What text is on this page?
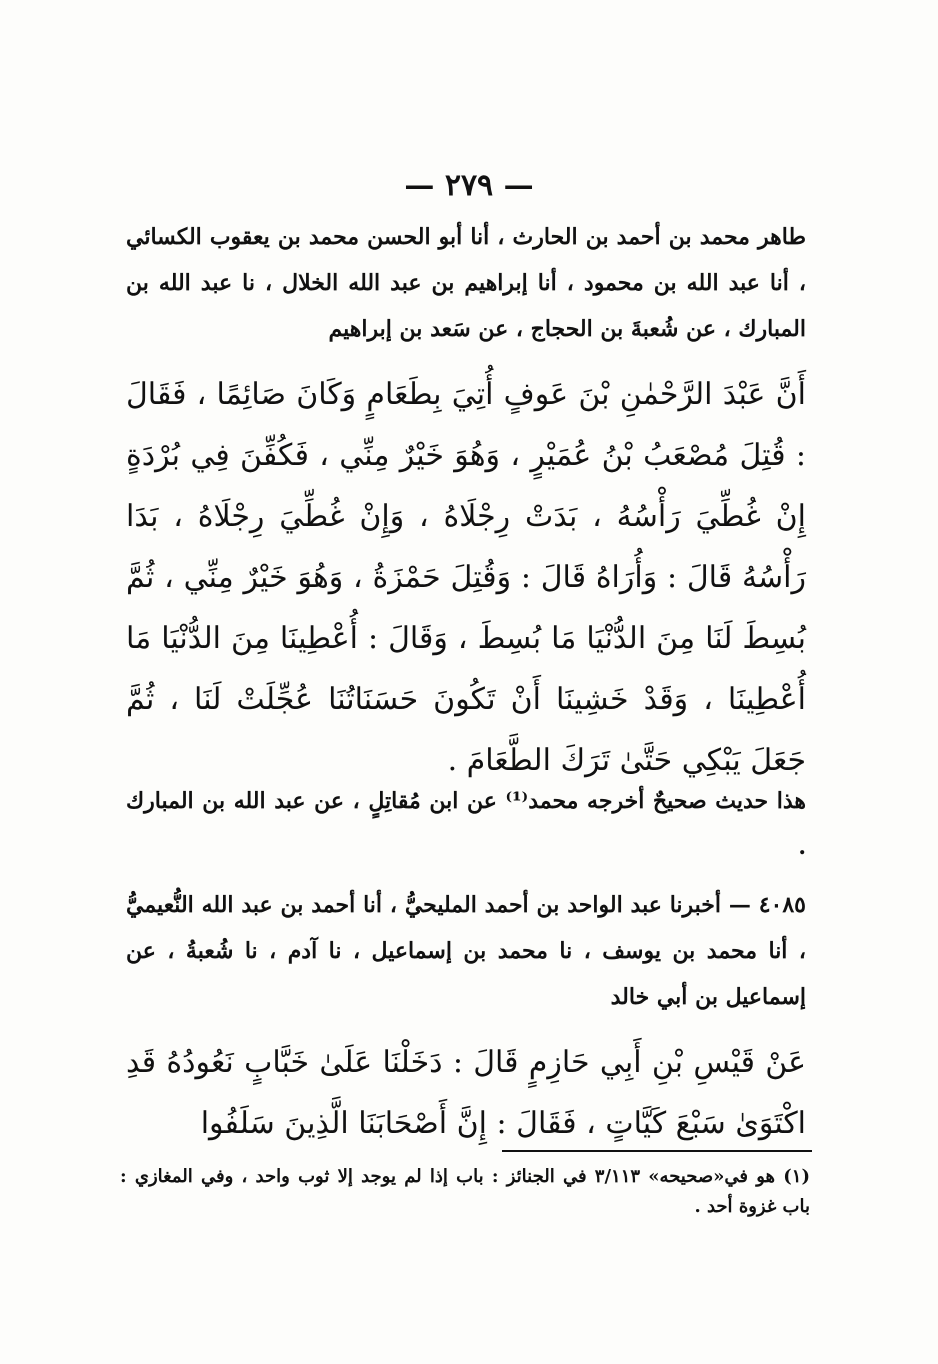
— ٢٧٩ —
طاهر محمد بن أحمد بن الحارث ، أنا أبو الحسن محمد بن يعقوب الكسائي ، أنا عبد الله بن محمود ، أنا إبراهيم بن عبد الله الخلال ، نا عبد الله بن المبارك ، عن شُعبةَ بن الحجاج ، عن سَعد بن إبراهيم
أَنَّ عَبْدَ الرَّحْمٰنِ بْنَ عَوفٍ أُتِيَ بِطَعَامٍ وَكَانَ صَائِمًا ، فَقَالَ : قُتِلَ مُصْعَبُ بْنُ عُمَيْرٍ ، وَهُوَ خَيْرٌ مِنِّي ، فَكُفِّنَ فِي بُرْدَةٍ إِنْ غُطِّيَ رَأْسُهُ ، بَدَتْ رِجْلَاهُ ، وَإِنْ غُطِّيَ رِجْلَاهُ ، بَدَا رَأْسُهُ قَالَ : وَأُرَاهُ قَالَ : وَقُتِلَ حَمْزَةُ ، وَهُوَ خَيْرٌ مِنِّي ، ثُمَّ بُسِطَ لَنَا مِنَ الدُّنْيَا مَا بُسِطَ ، وَقَالَ : أُعْطِينَا مِنَ الدُّنْيَا مَا أُعْطِينَا ، وَقَدْ خَشِينَا أَنْ تَكُونَ حَسَنَاتُنَا عُجِّلَتْ لَنَا ، ثُمَّ جَعَلَ يَبْكِي حَتَّىٰ تَرَكَ الطَّعَامَ .
هذا حديث صحيحٌ أخرجه محمد⁽¹⁾ عن ابن مُقاتِلٍ ، عن عبد الله بن المبارك .
٤٠٨٥ — أخبرنا عبد الواحد بن أحمد المليحيُّ ، أنا أحمد بن عبد الله النُّعيميُّ ، أنا محمد بن يوسف ، نا محمد بن إسماعيل ، نا آدم ، نا شُعبةُ ، عن إسماعيل بن أبي خالد
عَنْ قَيْسِ بْنِ أَبِي حَازِمٍ قَالَ : دَخَلْنَا عَلَىٰ خَبَّابٍ نَعُودُهُ قَدِ اكْتَوَىٰ سَبْعَ كَيَّاتٍ ، فَقَالَ : إِنَّ أَصْحَابَنَا الَّذِينَ سَلَفُوا
(١) هو في«صحيحه» ٣/١١٣ في الجنائز : باب إذا لم يوجد إلا ثوب واحد ، وفي المغازي : باب غزوة أحد .
